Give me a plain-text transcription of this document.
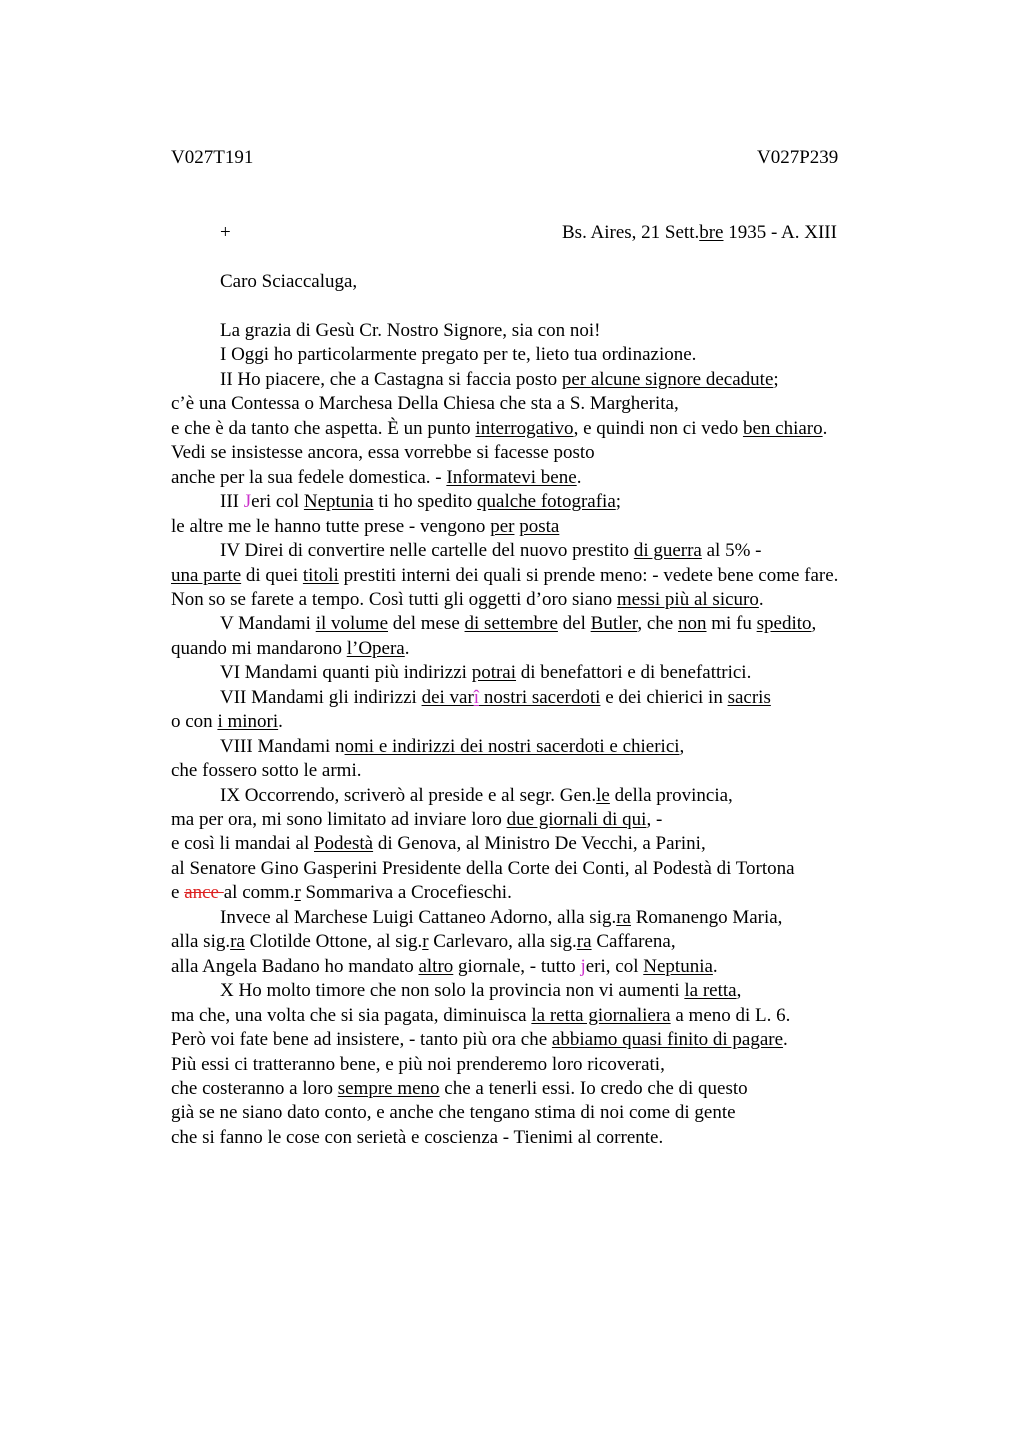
V027T191	V027P239
+	Bs. Aires, 21 Sett.bre 1935 - A. XIII
Caro Sciaccaluga,
La grazia di Gesù Cr. Nostro Signore, sia con noi!
I Oggi ho particolarmente pregato per te, lieto tua ordinazione.
II Ho piacere, che a Castagna si faccia posto per alcune signore decadute;
c’è una Contessa o Marchesa Della Chiesa che sta a S. Margherita,
e che è da tanto che aspetta. È un punto interrogativo, e quindi non ci vedo ben chiaro.
Vedi se insistesse ancora, essa vorrebbe si facesse posto
anche per la sua fedele domestica. - Informatevi bene.
III Jeri col Neptunia ti ho spedito qualche fotografia;
le altre me le hanno tutte prese - vengono per posta
IV Direi di convertire nelle cartelle del nuovo prestito di guerra al 5% -
una parte di quei titoli prestiti interni dei quali si prende meno: - vedete bene come fare.
Non so se farete a tempo. Così tutti gli oggetti d’oro siano messi più al sicuro.
V Mandami il volume del mese di settembre del Butler, che non mi fu spedito,
quando mi mandarono l’Opera.
VI Mandami quanti più indirizzi potrai di benefattori e di benefattrici.
VII Mandami gli indirizzi dei varî nostri sacerdoti e dei chierici in sacris
o con i minori.
VIII Mandami nomi e indirizzi dei nostri sacerdoti e chierici,
che fossero sotto le armi.
IX Occorrendo, scriverò al preside e al segr. Gen.le della provincia,
ma per ora, mi sono limitato ad inviare loro due giornali di qui, -
e così li mandai al Podestà di Genova, al Ministro De Vecchi, a Parini,
al Senatore Gino Gasperini Presidente della Corte dei Conti, al Podestà di Tortona
e ance al comm.r Sommariva a Crocefieschi.
Invece al Marchese Luigi Cattaneo Adorno, alla sig.ra Romanengo Maria,
alla sig.ra Clotilde Ottone, al sig.r Carlevaro, alla sig.ra Caffarena,
alla Angela Badano ho mandato altro giornale, - tutto jeri, col Neptunia.
X Ho molto timore che non solo la provincia non vi aumenti la retta,
ma che, una volta che si sia pagata, diminuisca la retta giornaliera a meno di L. 6.
Però voi fate bene ad insistere, - tanto più ora che abbiamo quasi finito di pagare.
Più essi ci tratteranno bene, e più noi prenderemo loro ricoverati,
che costeranno a loro sempre meno che a tenerli essi. Io credo che di questo
già se ne siano dato conto, e anche che tengano stima di noi come di gente
che si fanno le cose con serietà e coscienza - Tienimi al corrente.
